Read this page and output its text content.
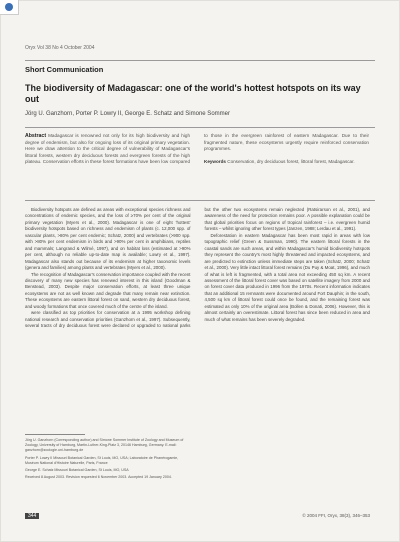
Oryx Vol 38 No 4 October 2004
Short Communication
The biodiversity of Madagascar: one of the world's hottest hotspots on its way out
Jörg U. Ganzhorn, Porter P. Lowry II, George E. Schatz and Simone Sommer
Abstract Madagascar is renowned not only for its high biodiversity and high degree of endemism, but also for ongoing loss of its original primary vegetation. Here we draw attention to the critical degree of vulnerability of Madagascar's littoral forests, western dry deciduous forests and evergreen forests of the high plateau. Conservation efforts in these forest formations have been low compared to those in the evergreen rainforest of eastern Madagascar. Due to their fragmented nature, these ecosystems urgently require reinforced conservation programmes.

Keywords Conservation, dry deciduous forest, littoral forest, Madagascar.

Biodiversity hotspots are defined as areas with exceptional species richness and concentrations of endemic species, and the loss of ≥70% per cent of the original primary vegetation (Myers et al., 2000). Madagascar is one of eight 'hottest' biodiversity hotspots based on richness and endemism of plants (c. 12,000 spp. of vascular plants, >80% per cent endemic; Schatz, 2000) and vertebrates (>900 spp. with >80% per cent endemism in birds and >90% per cent in amphibians, reptiles and mammals; Langrand & Wilmé, 1997), and on habitat loss (estimated at >90% per cent, although no reliable up-to-date map is available; Lowry et al., 1997). Madagascar also stands out because of its endemism at higher taxonomic levels (genera and families) among plants and vertebrates (Myers et al., 2000).

The recognition of Madagascar's conservation importance coupled with the recent discovery of many new species has renewed interest in this island (Goodman & Benstead, 2003). Despite major conservation efforts, at least three unique ecosystems are not as well known and degrade that many remain near extinction. These ecosystems are eastern littoral forest on sand, western dry deciduous forest, and woody formations that once covered much of the centre of the island.

were classified as top priorities for conservation at a 1995 workshop defining national research and conservation priorities (Ganzhorn et al., 1997). Subsequently, several tracts of dry deciduous forest were declared or upgraded to national parks but the other two ecosystems remain neglected (Ratsirarson et al., 2001), and awareness of the need for protection remains poor. A possible explanation could be that global priorities focus on regions of tropical rainforest – i.e. evergreen humid forests – whilst ignoring other forest types (Janzen, 1988; Lerdau et al., 1991).

Deforestation in eastern Madagascar has been most rapid in areas with low topographic relief (Green & Sussman, 1990). The eastern littoral forests in the coastal sands are such areas, and within Madagascar's humid biodiversity hotspots they represent the country's most highly threatened and impacted ecosystems, and are predicted to extinction unless immediate steps are taken (Schatz, 2000; Schatz et al., 2000). Very little intact littoral forest remains (Du Puy & Moat, 1996), and much of what is left is fragmented, with a total area not exceeding 450 sq km. A recent assessment of the littoral forest cover was based on satellite imagery from 2000 and on forest cover data produced in 1996 from the 1970s. Recent information indicates that an additional 15 remnants were documented around Fort Dauphin; in the south, 4,500 sq km of littoral forest could once be found, and the remaining forest was estimated as only 10% of the original area (Bollen & Donati, 2006). However, this is almost certainly an overestimate. Littoral forest has since been reduced in area and much of what remains has been severely degraded.

Jörg U. Ganzhorn (Corresponding author) and Simone Sommer Institute of Zoology and Museum of Zoology, University of Hamburg, Martin-Luther-King-Platz 3, 20146 Hamburg, Germany. E-mail: ganzhorn@zoologie.uni-hamburg.de

Porter P. Lowry II Missouri Botanical Garden, St Louis, MO, USA; Laboratoire de Phanérogamie, Muséum National d'Histoire Naturelle, Paris, France

George E. Schatz Missouri Botanical Garden, St Louis, MO, USA

Received 8 August 2003. Revision requested 6 November 2003. Accepted 19 January 2004.

344	© 2004 FFI, Oryx, 38(3), 346–353
